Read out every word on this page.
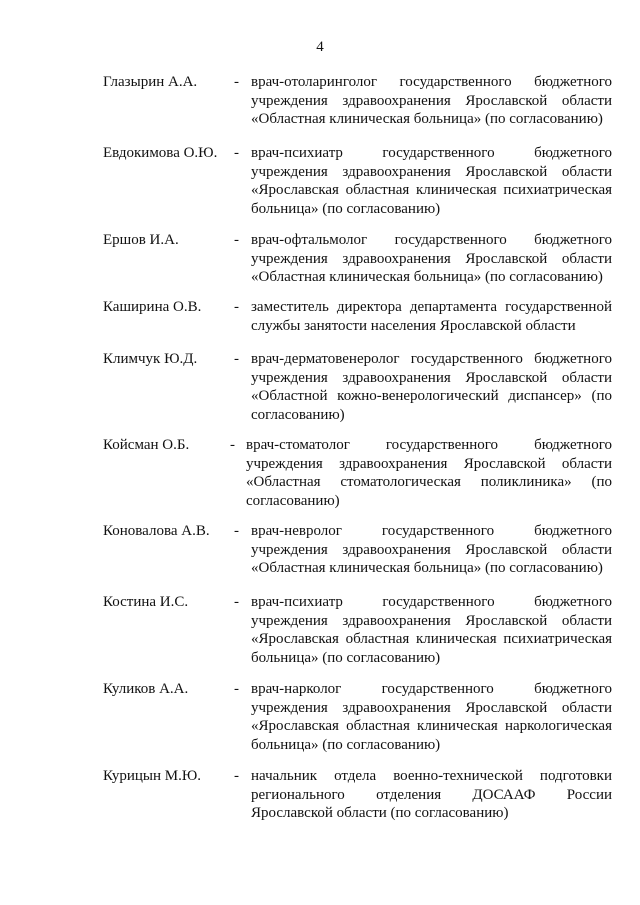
4
Глазырин А.А. - врач-отоларинголог государственного бюджетного учреждения здравоохранения Ярославской области «Областная клиническая больница» (по согласованию)
Евдокимова О.Ю. - врач-психиатр государственного бюджетного учреждения здравоохранения Ярославской области «Ярославская областная клиническая психиатрическая больница» (по согласованию)
Ершов И.А.	- врач-офтальмолог государственного бюджетного учреждения здравоохранения Ярославской области «Областная клиническая больница» (по согласованию)
Каширина О.В. - заместитель директора департамента государственной службы занятости населения Ярославской области
Климчук Ю.Д. - врач-дерматовенеролог государственного бюджетного учреждения здравоохранения Ярославской области «Областной кожно-венерологический диспансер» (по согласованию)
Койсман О.Б.	- врач-стоматолог государственного бюджетного учреждения здравоохранения Ярославской области «Областная стоматологическая поликлиника» (по согласованию)
Коновалова А.В. - врач-невролог государственного бюджетного учреждения здравоохранения Ярославской области «Областная клиническая больница» (по согласованию)
Костина И.С.	- врач-психиатр государственного бюджетного учреждения здравоохранения Ярославской области «Ярославская областная клиническая психиатрическая больница» (по согласованию)
Куликов А.А.	- врач-нарколог государственного бюджетного учреждения здравоохранения Ярославской области «Ярославская областная клиническая наркологическая больница» (по согласованию)
Курицын М.Ю. - начальник отдела военно-технической подготовки регионального отделения ДОСААФ России Ярославской области (по согласованию)
